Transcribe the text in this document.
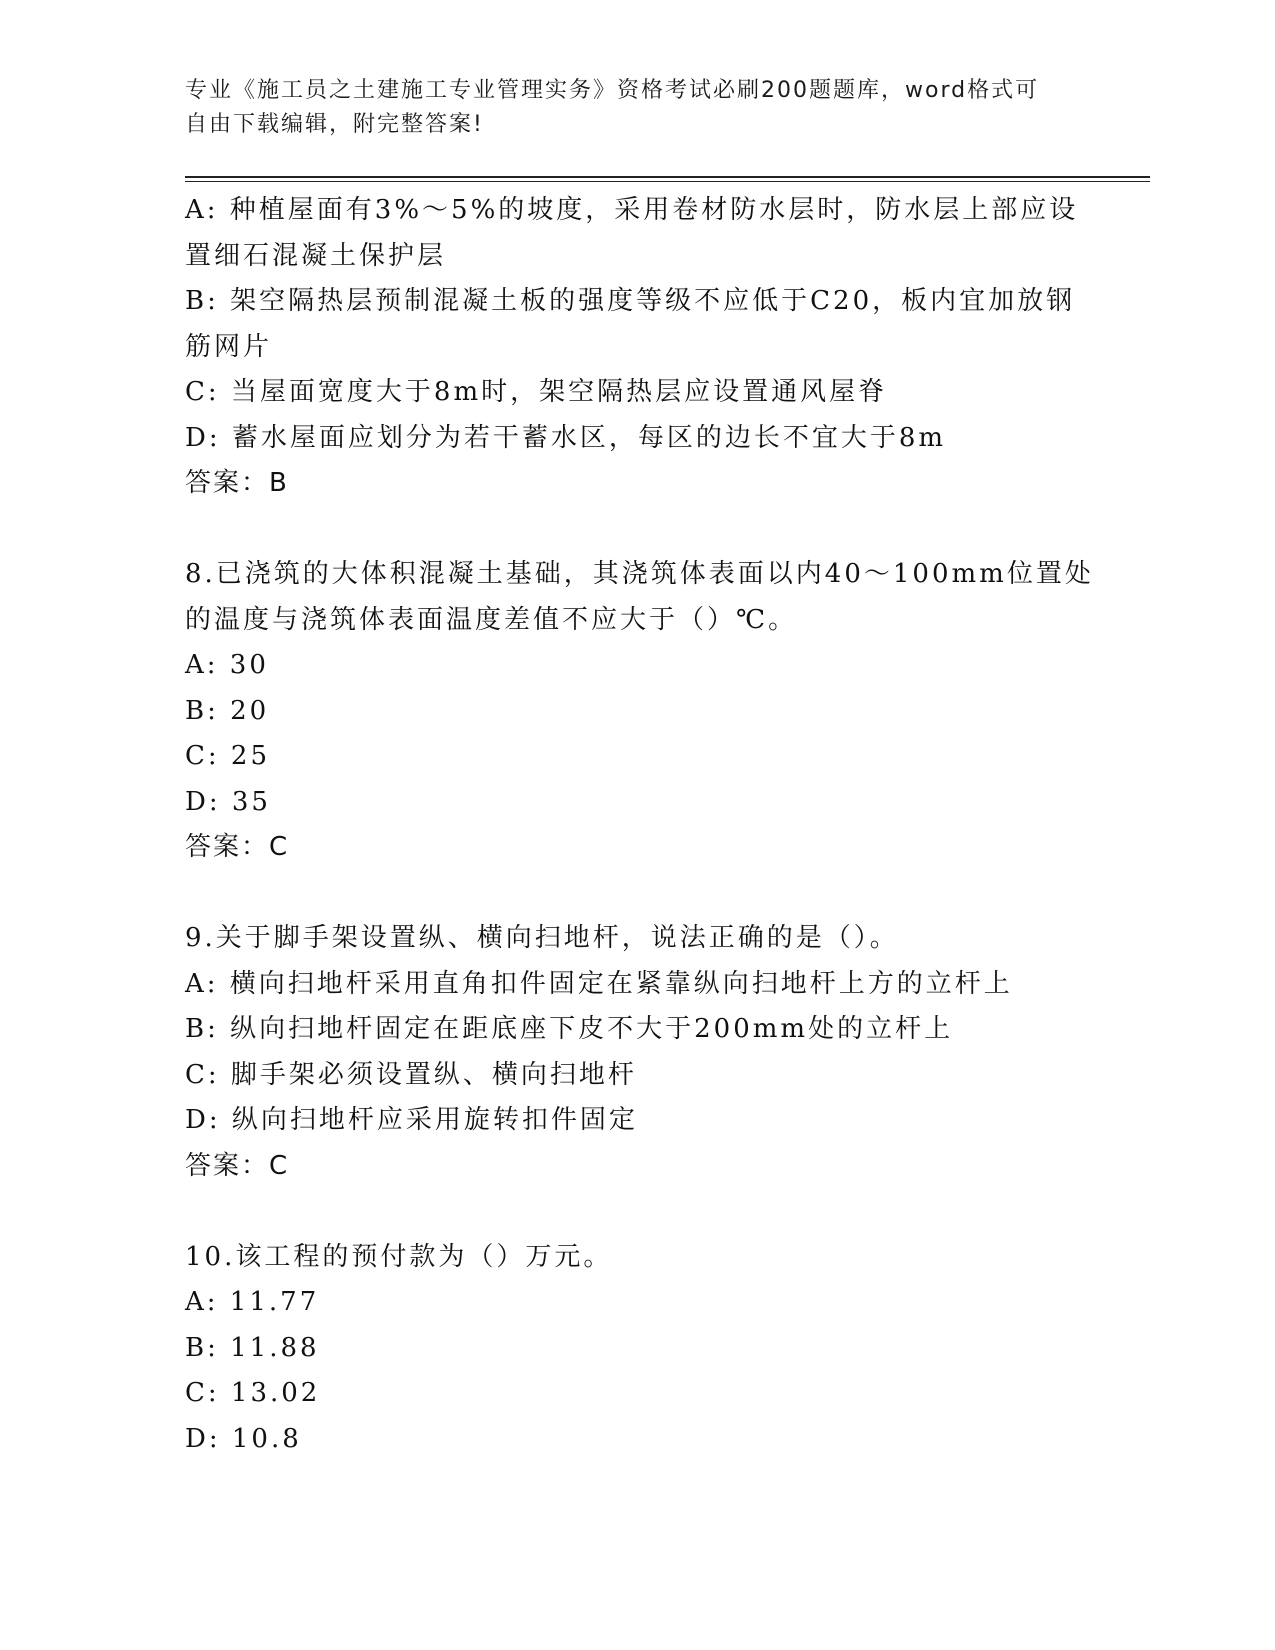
专业《施工员之土建施工专业管理实务》资格考试必刷200题题库，word格式可
自由下载编辑，附完整答案!
A: 种植屋面有3%～5%的坡度，采用卷材防水层时，防水层上部应设
置细石混凝土保护层
B: 架空隔热层预制混凝土板的强度等级不应低于C20，板内宜加放钢
筋网片
C: 当屋面宽度大于8m时，架空隔热层应设置通风屋脊
D: 蓄水屋面应划分为若干蓄水区，每区的边长不宜大于8m
答案：B
8.已浇筑的大体积混凝土基础，其浇筑体表面以内40～100mm位置处
的温度与浇筑体表面温度差值不应大于（）℃。
A: 30
B: 20
C: 25
D: 35
答案：C
9.关于脚手架设置纵、横向扫地杆，说法正确的是（）。
A: 横向扫地杆采用直角扣件固定在紧靠纵向扫地杆上方的立杆上
B: 纵向扫地杆固定在距底座下皮不大于200mm处的立杆上
C: 脚手架必须设置纵、横向扫地杆
D: 纵向扫地杆应采用旋转扣件固定
答案：C
10.该工程的预付款为（）万元。
A: 11.77
B: 11.88
C: 13.02
D: 10.8
